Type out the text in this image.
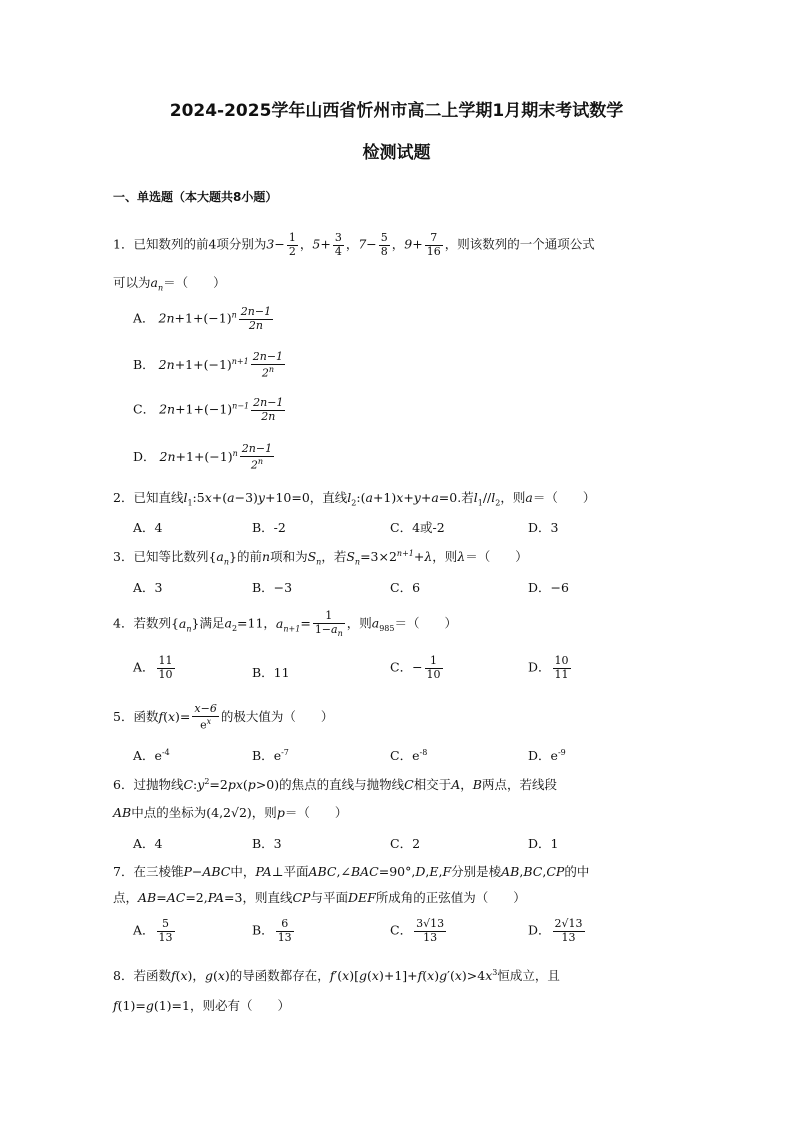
2024-2025学年山西省忻州市高二上学期1月期末考试数学
检测试题
一、单选题（本大题共8小题）
1．已知数列的前4项分别为$3- \frac{1}{2}$ ，$5+ \frac{3}{4}$ ，$7- \frac{5}{8}$ ，$9+ \frac{7}{16}$ ，则该数列的一个通项公式
可以为$a_n=$（　　）
A． $2n+1+(-1)^n \frac{2n-1}{2n}$
B． $2n+1+(-1)^{n+1} \frac{2n-1}{2^n}$
C． $2n+1+(-1)^{n-1} \frac{2n-1}{2n}$
D． $2n+1+(-1)^n \frac{2n-1}{2^n}$
2．已知直线$l_1:5x+(a-3)y+10=0$，直线$l_2:(a+1)x+y+a=0$.若$l_1//l_2$，则a＝（　　）
A．4	B．-2	C．4或-2	D．3
3．已知等比数列$\{a_n\}$的前n项和为$S_n$，若$S_n=3\times 2^{n+1}+\lambda$，则λ＝（　　）
A．3	B．−3	C．6	D．−6
4．若数列$\{a_n\}$满足$a_2=11$，$a_{n+1}= \frac{1}{1-a_n}$ ，则$a_{985}=$（　　）
A． $\frac{11}{10}$	B．11	C．− $\frac{1}{10}$	D． $\frac{10}{11}$
5．函数$f(x)= \frac{x-6}{e^x}$ 的极大值为（　　）
A．$e^{-4}$	B．$e^{-7}$	C．$e^{-8}$	D．$e^{-9}$
6．过抛物线$C:y^2=2px(p>0)$的焦点的直线与抛物线C相交于A，B两点，若线段
AB中点的坐标为(4,2√2)，则p＝（　　）
A．4	B．3	C．2	D．1
7．在三棱锥P−ABC中，PA⊥平面ABC,∠BAC=90°,D,E,F分别是棱AB,BC,CP的中
点，AB=AC=2,PA=3，则直线CP与平面DEF所成角的正弦值为（　　）
A． $\frac{5}{13}$	B． $\frac{6}{13}$	C． $\frac{3√13}{13}$	D． $\frac{2√13}{13}$
8．若函数f(x)，g(x)的导函数都存在，$f'(x)[g(x)+1]+f(x)g'(x)>4x^3$恒成立，且
f(1)=g(1)=1，则必有（　　）
